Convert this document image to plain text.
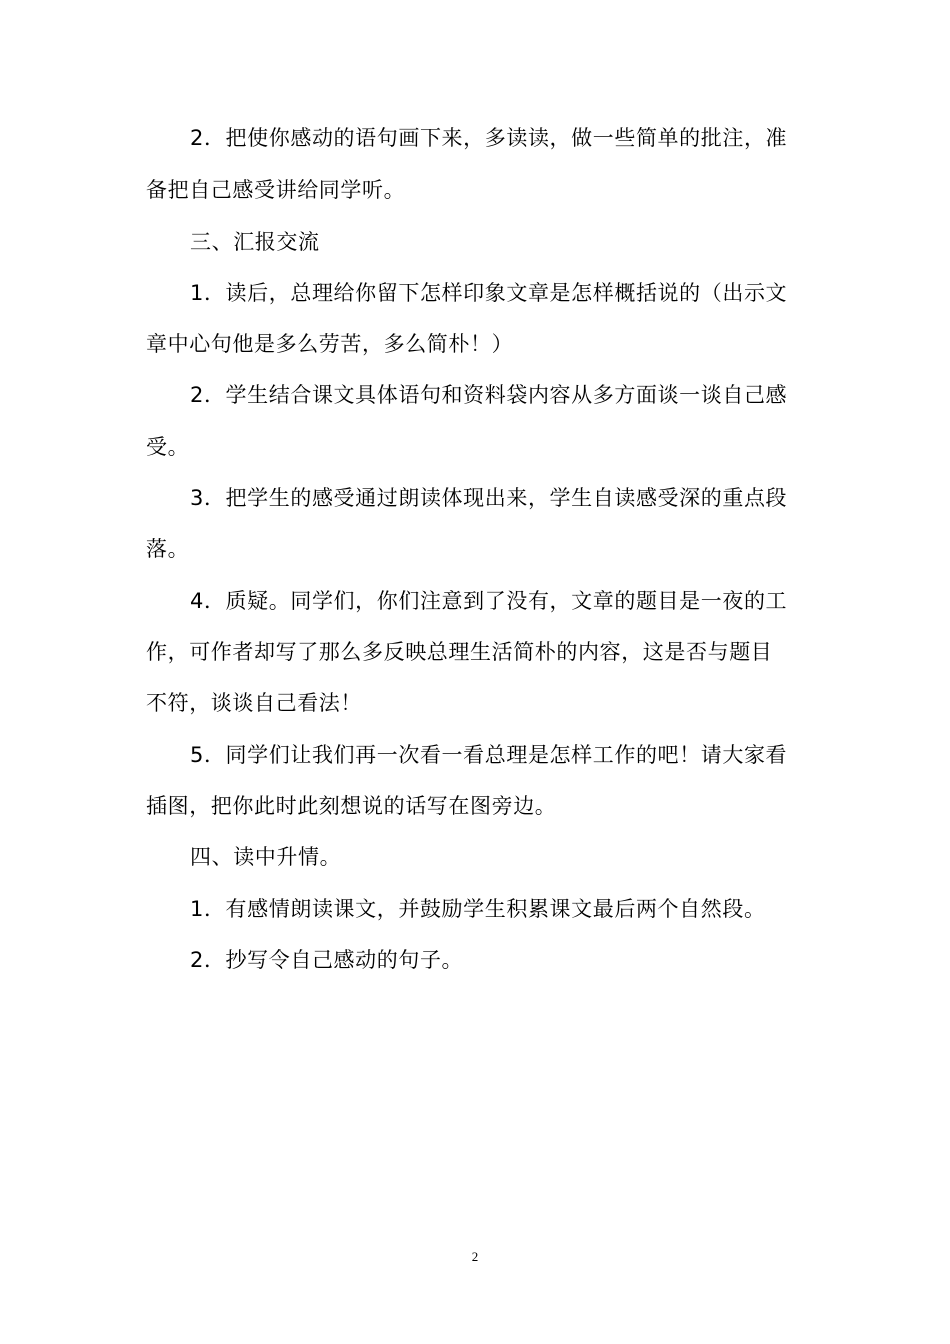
2．把使你感动的语句画下来，多读读，做一些简单的批注，准
备把自己感受讲给同学听。
三、汇报交流
1．读后，总理给你留下怎样印象文章是怎样概括说的（出示文
章中心句他是多么劳苦，多么简朴！）
2．学生结合课文具体语句和资料袋内容从多方面谈一谈自己感
受。
3．把学生的感受通过朗读体现出来，学生自读感受深的重点段
落。
4．质疑。同学们，你们注意到了没有，文章的题目是一夜的工
作，可作者却写了那么多反映总理生活简朴的内容，这是否与题目
不符，谈谈自己看法！
5．同学们让我们再一次看一看总理是怎样工作的吧！请大家看
插图，把你此时此刻想说的话写在图旁边。
四、读中升情。
1．有感情朗读课文，并鼓励学生积累课文最后两个自然段。
2．抄写令自己感动的句子。
2
